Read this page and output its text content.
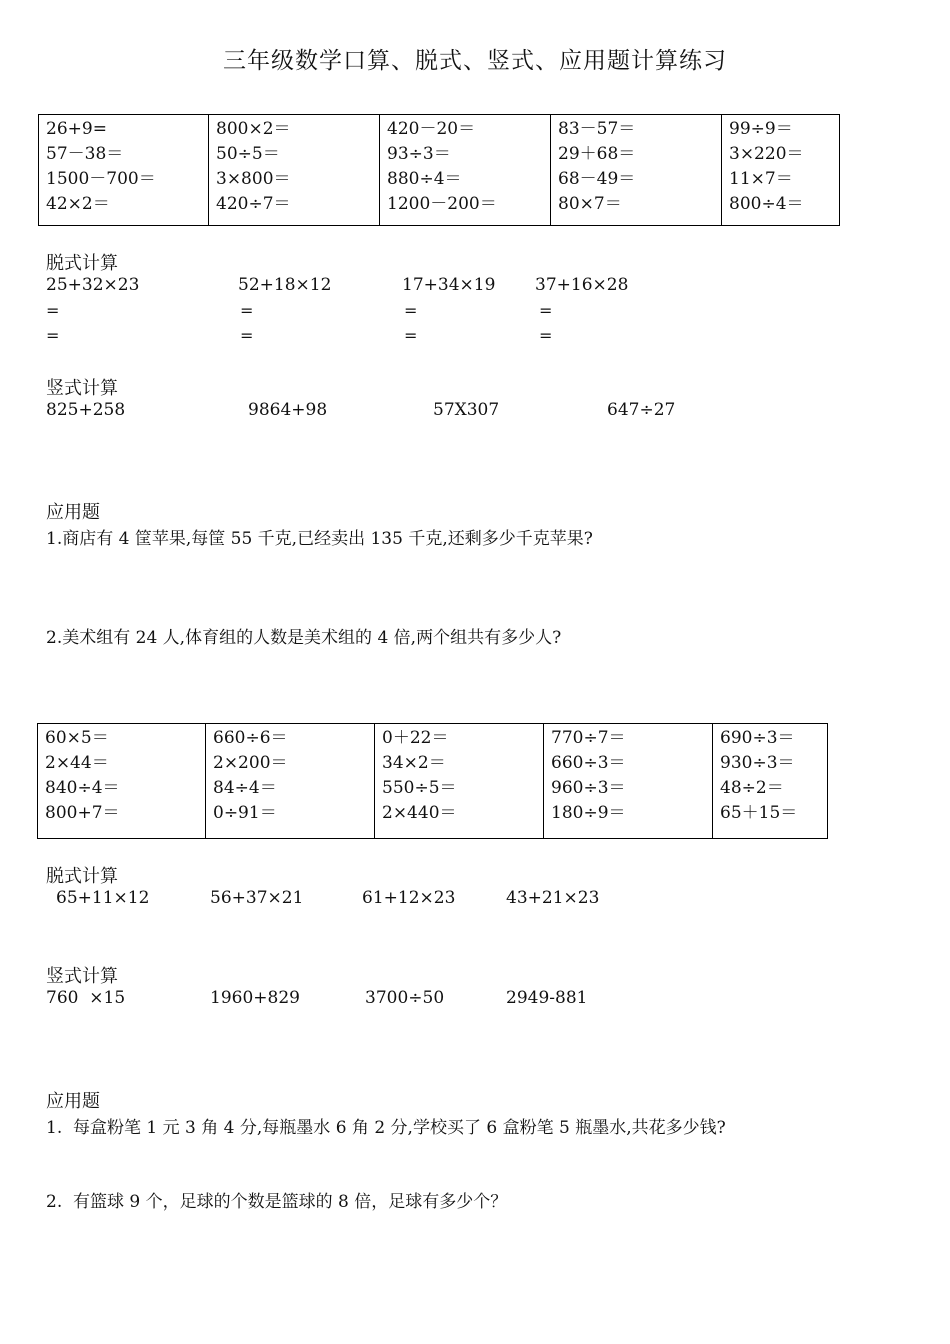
三年级数学口算、脱式、竖式、应用题计算练习
26+9=
57－38＝
1500－700＝
42×2＝

800×2＝
50÷5＝
3×800＝
420÷7＝

420－20＝
93÷3＝
880÷4＝
1200－200＝

83－57＝
29＋68＝
68－49＝
80×7＝

99÷9＝
3×220＝
11×7＝
800÷4＝
脱式计算
25+32×23	52+18×12	17+34×19 37+16×28
=	=	=	=
=	=	=	=
竖式计算
825+258	9864+98	57X307	647÷27
应用题
1.商店有 4 筐苹果,每筐 55 千克,已经卖出 135 千克,还剩多少千克苹果?
2.美术组有 24 人,体育组的人数是美术组的 4 倍,两个组共有多少人?
60×5＝
2×44＝
840÷4＝
800+7＝

660÷6＝
2×200＝
84÷4＝
0÷91＝

0＋22＝
34×2＝
550÷5＝
2×440＝

770÷7＝
660÷3＝
960÷3＝
180÷9＝

690÷3＝
930÷3＝
48÷2＝
65＋15＝
脱式计算
65+11×12	56+37×21	61+12×23	43+21×23
竖式计算
760  ×15	1960+829	3700÷50	2949-881
应用题
1.  每盒粉笔 1 元 3 角 4 分,每瓶墨水 6 角 2 分,学校买了 6 盒粉笔 5 瓶墨水,共花多少钱?
2.  有篮球 9 个，足球的个数是篮球的 8 倍，足球有多少个？
